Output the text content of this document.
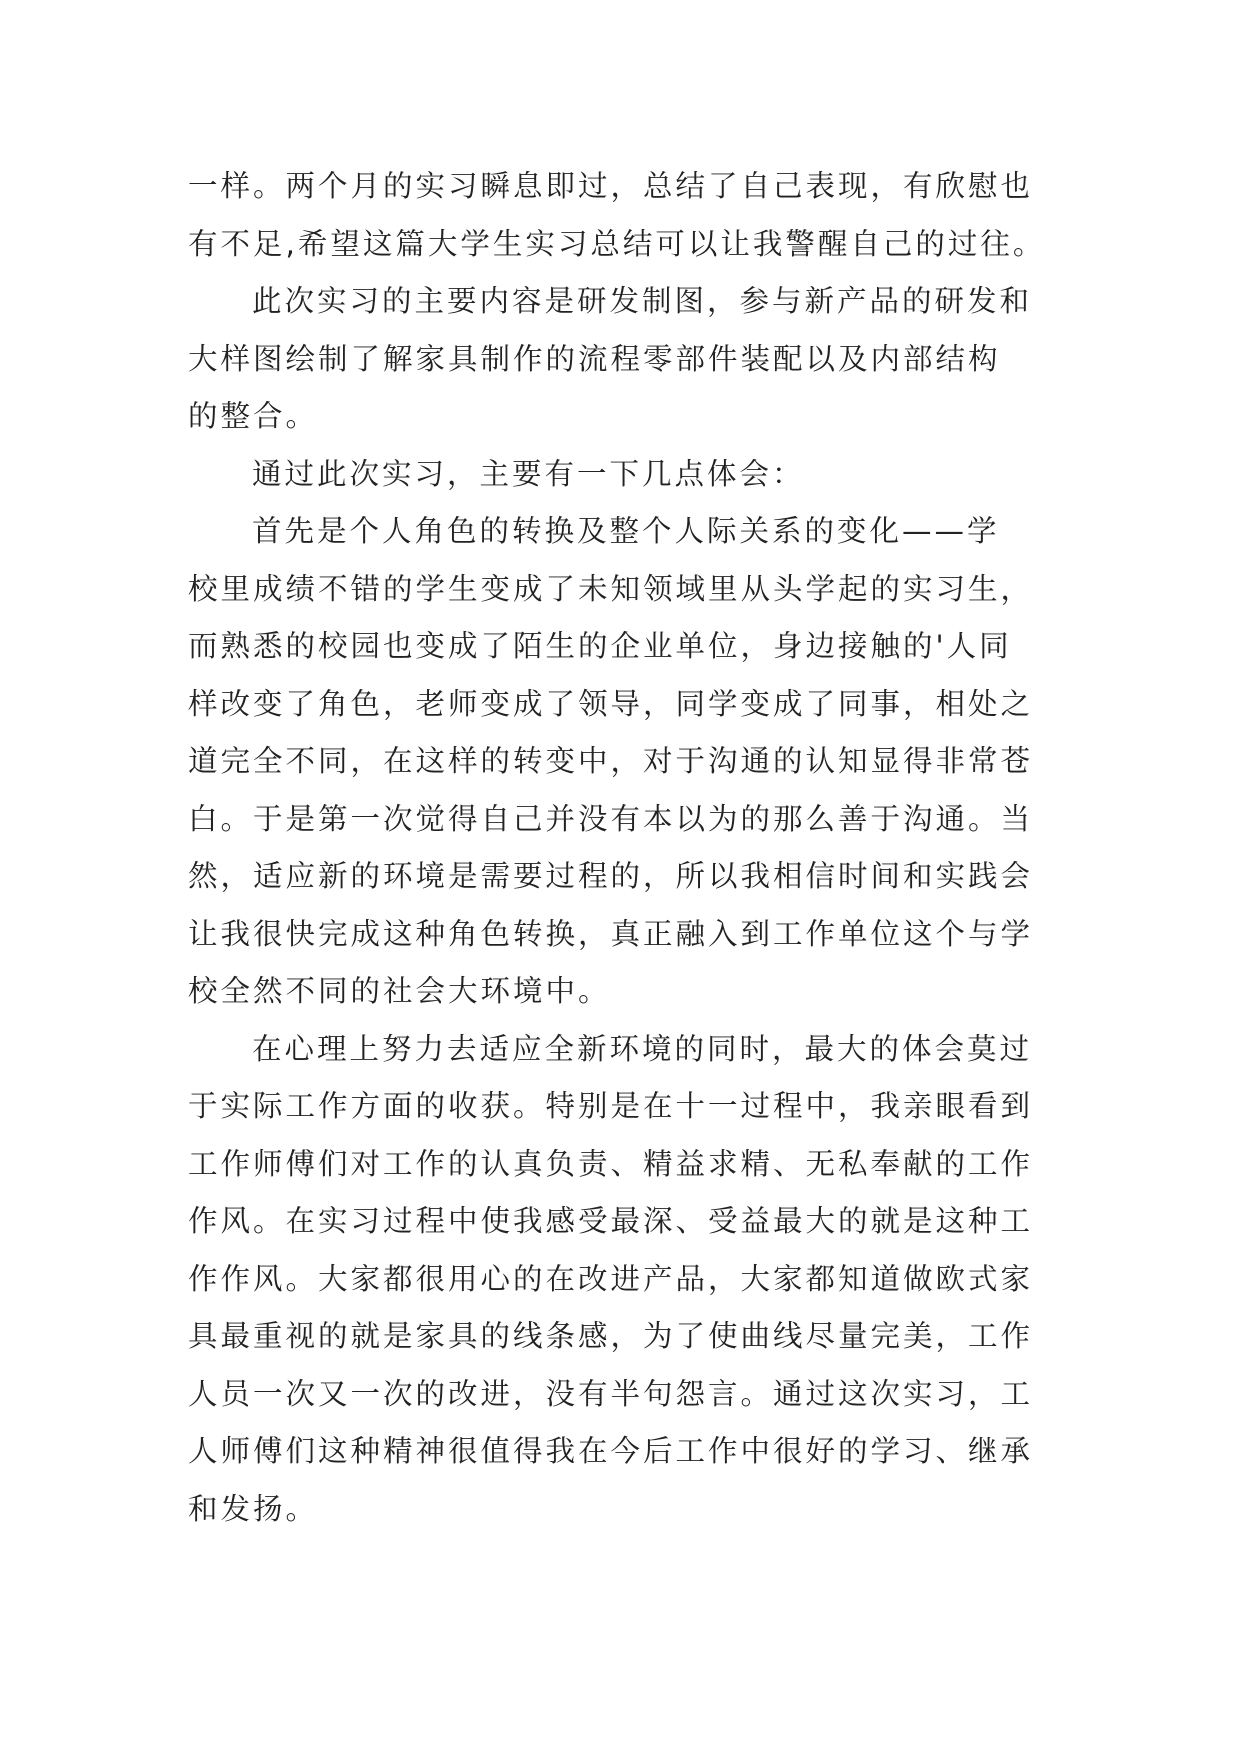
一样。两个月的实习瞬息即过，总结了自己表现，有欣慰也
有不足,希望这篇大学生实习总结可以让我警醒自己的过往。
此次实习的主要内容是研发制图，参与新产品的研发和
大样图绘制了解家具制作的流程零部件装配以及内部结构
的整合。
通过此次实习，主要有一下几点体会：
首先是个人角色的转换及整个人际关系的变化——学
校里成绩不错的学生变成了未知领域里从头学起的实习生，
而熟悉的校园也变成了陌生的企业单位，身边接触的'人同
样改变了角色，老师变成了领导，同学变成了同事，相处之
道完全不同，在这样的转变中，对于沟通的认知显得非常苍
白。于是第一次觉得自己并没有本以为的那么善于沟通。当
然，适应新的环境是需要过程的，所以我相信时间和实践会
让我很快完成这种角色转换，真正融入到工作单位这个与学
校全然不同的社会大环境中。
在心理上努力去适应全新环境的同时，最大的体会莫过
于实际工作方面的收获。特别是在十一过程中，我亲眼看到
工作师傅们对工作的认真负责、精益求精、无私奉献的工作
作风。在实习过程中使我感受最深、受益最大的就是这种工
作作风。大家都很用心的在改进产品，大家都知道做欧式家
具最重视的就是家具的线条感，为了使曲线尽量完美，工作
人员一次又一次的改进，没有半句怨言。通过这次实习，工
人师傅们这种精神很值得我在今后工作中很好的学习、继承
和发扬。
